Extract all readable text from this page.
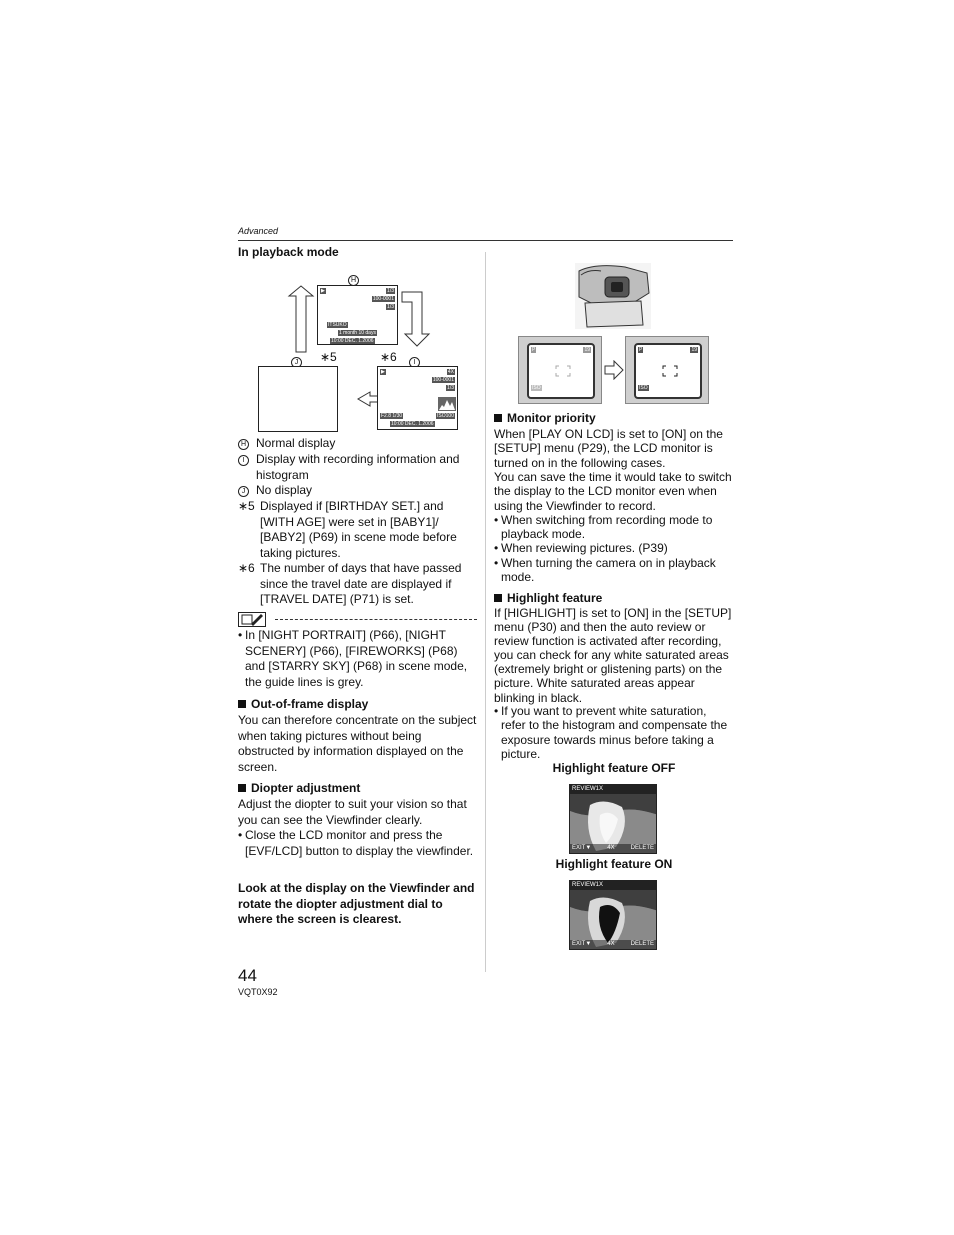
Advanced
In playback mode
H
J	∗5	∗6	I
▶	1/3
100-0001
1/3
ITSUKO
1 month 10 days
10:00 DEC. 1.2006
▶	4X
100-0001
1/3
F2.8 1/30	ISO100
10:00 DEC. 1.2006
H Normal display
I Display with recording information and histogram
J No display
∗5 Displayed if [BIRTHDAY SET.] and [WITH AGE] were set in [BABY1]/ [BABY2] (P69) in scene mode before taking pictures.
∗6 The number of days that have passed since the travel date are displayed if [TRAVEL DATE] (P71) is set.
• In [NIGHT PORTRAIT] (P66), [NIGHT SCENERY] (P66), [FIREWORKS] (P68) and [STARRY SKY] (P68) in scene mode, the guide lines is grey.
Out-of-frame display
You can therefore concentrate on the subject when taking pictures without being obstructed by information displayed on the screen.
Diopter adjustment
Adjust the diopter to suit your vision so that you can see the Viewfinder clearly.
• Close the LCD monitor and press the [EVF/LCD] button to display the viewfinder.
Look at the display on the Viewfinder and rotate the diopter adjustment dial to where the screen is clearest.
44
VQT0X92
P	19
ISO
P	19
ISO
Monitor priority
When [PLAY ON LCD] is set to [ON] on the [SETUP] menu (P29), the LCD monitor is turned on in the following cases.
You can save the time it would take to switch the display to the LCD monitor even when using the Viewfinder to record.
• When switching from recording mode to playback mode.
• When reviewing pictures. (P39)
• When turning the camera on in playback mode.
Highlight feature
If [HIGHLIGHT] is set to [ON] in the [SETUP] menu (P30) and then the auto review or review function is activated after recording, you can check for any white saturated areas (extremely bright or glistening parts) on the picture. White saturated areas appear blinking in black.
• If you want to prevent white saturation, refer to the histogram and compensate the exposure towards minus before taking a picture.
Highlight feature OFF
REVIEW1X
EXIT▼	4X	DELETE
Highlight feature ON
REVIEW1X
EXIT▼	4X	DELETE
